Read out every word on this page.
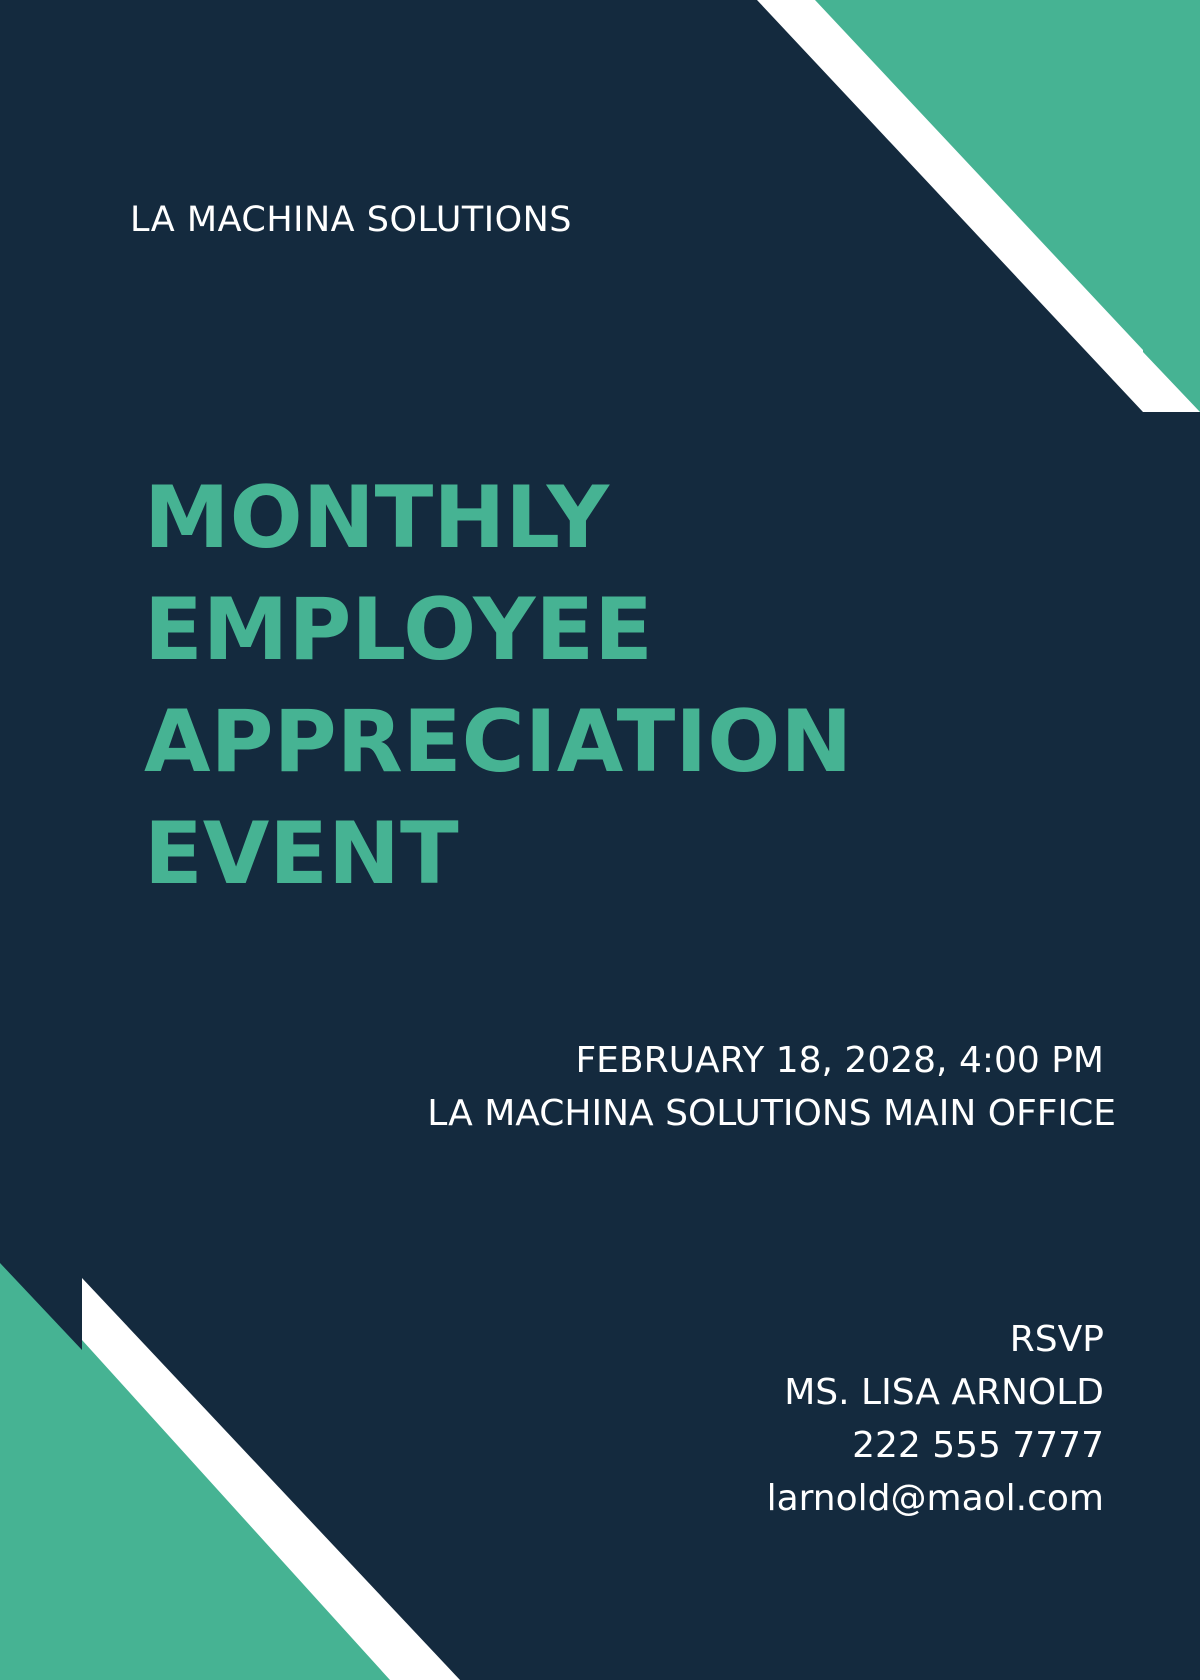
LA MACHINA SOLUTIONS
MONTHLY
EMPLOYEE
APPRECIATION
EVENT
FEBRUARY 18, 2028, 4:00 PM
LA MACHINA SOLUTIONS MAIN OFFICE
RSVP
MS. LISA ARNOLD
222 555 7777
larnold@maol.com
